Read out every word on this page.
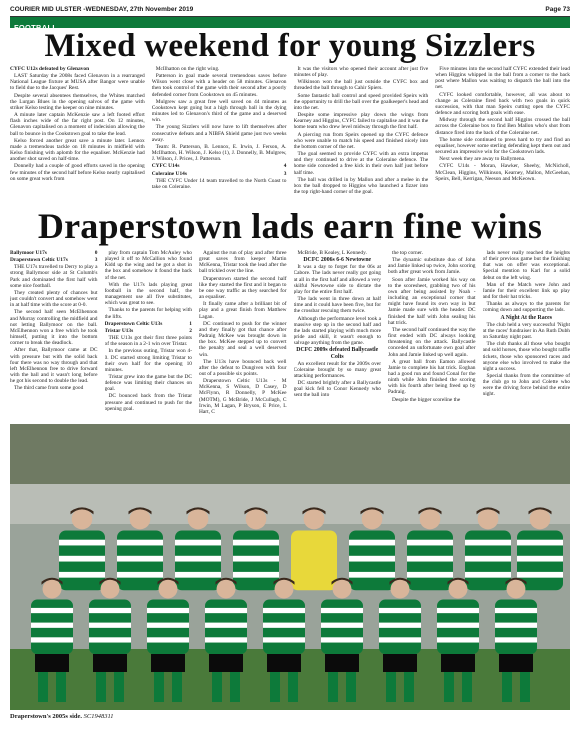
COURIER MID ULSTER -WEDNESDAY, 27th November 2019	Page 73
FOOTBALL
Mixed weekend for young Sizzlers

CYFC U12s defeated by Glenavon

LAST Saturday the 2008s faced Glenavon in a rearranged National League fixture at MUSA after Bangor were unable to field due to the Jacques' Rest.

Despite several absentees themselves, the Whites matched the Lurgan Blues in the opening salvos of the game with striker Kelso testing the keeper on nine minutes.

A minute later captain McKenzie saw a left footed effort flash inches wide of the far right post. On 12 minutes, Glenavon capitalised on a moment of indecision allowing the ball to bounce in the Cookstown goal to take the lead.

Kelso forced another great save a minute later. Lennox made a tremendous tackle on 18 minutes in midfield with Kelso finishing with aplomb for the equaliser. McKenzie had another shot saved on half-time.

Donnelly had a couple of good efforts saved in the opening few minutes of the second half before Kelso nearly capitalised on some great work from

McIlhatton on the right wing.

Patterson in goal made several tremendous saves before Wilson went close with a header on 58 minutes. Glenavon then took control of the game with their second after a poorly defended corner from Cookstown on 45 minutes.

Mulgrew saw a great free well saved on 44 minutes as Cookstown kept going but a high through ball in the dying minutes led to Glenavon's third of the game and a deserved win.

The young Sizzlers will now have to lift themselves after consecutive defeats and a NIBFA Shield game just two weeks away.

Team: R. Patterson, B. Lennox, E. Irwin, J. Ferson, A. McIlhatton, H. Wilson, J. Kelso (1), J. Donnelly, B. Mulgrew, J. Wilson, J. Prices, J. Patterson.

CYFC U14s	4

Coleraine U14s	3

THE CYFC Under 14 team travelled to the North Coast to take on Coleraine.

It was the visitors who opened their account after just five minutes of play.

Wilkinson won the ball just outside the CYFC box and threaded the ball through to Cahir Spiers.

Some fantastic ball control and speed provided Speirs with the opportunity to drill the ball over the goalkeeper's head and into the net.

Despite some impressive play down the wings from Kearney and Higgins, CYFC failed to capitalise and it was the home team who drew level midway through the first half.

A piercing run from Speirs opened up the CYFC defence who were unable to match his speed and finished nicely into the bottom corner of the net.

The goal seemed to provide CYFC with an extra impetus and they continued to drive at the Coleraine defence. The home side conceded a free kick in their own half just before half time.

The ball was drilled in by Mallon and after a melee in the box the ball dropped to Higgins who launched a fizzer into the top right-hand corner of the goal.

Five minutes into the second half CYFC extended their lead when Higgins whipped in the ball from a corner to the back post where Mallon was waiting to dispatch the ball into the net.

CYFC looked comfortable, however, all was about to change as Coleraine fired back with two goals in quick succession, with that man Speirs cutting open the CYFC defence and scoring both goals with ease.

Midway through the second half Higgins crossed the ball across the Coleraine box to find Ben Mallon who's shot from distance fired into the back of the Coleraine net.

The home side continued to press hard to try and find an equaliser, however some sterling defending kept them out and secured an impressive win for the Cookstown lads.

Next week they are away to Ballymena.

CYFC U14s - Moran, Hawker, Sheehy, McNicholl, McClean, Higgins, Wilkinson, Kearney, Mallon, McGeehan, Speirs, Bell, Kerrigan, Neeson and McKeown.

Draperstown lads earn fine wins

Ballymoor U17s	0

Draperstown Celtic U17s	3

THE U17s travelled to Derry to play a strong Ballymoor side at St Columb's Park and dominated the first half with some nice football.

They created plenty of chances but just couldn't convert and somehow went in at half time with the score at 0-0.

The second half seen McElhennon and Murray controlling the midfield and not letting Ballymoor on the ball. McElhennon won a free which he took himself, putting it into the bottom corner to break the deadlock.

After that, Ballymoor came at DC with pressure but with the solid back four there was no way through and that left McElhennon free to drive forward with the ball and it wasn't long before he got his second to double the lead.

The third came from some good

play from captain Tom McAuley who played it off to McCallion who found Kidd up the wing and he got a shot in the box and somehow it found the back of the net.

With the U17s lads playing great football in the second half, the management use all five substitutes, which was great to see.

Thanks to the parents for helping with the lifts.

Draperstown Celtic U13s	1

Tristar U13s	2

THE U13s got their first three points of the season in a 2-1 win over Tristar.

In the previous outing, Tristar won 4-0. DC started strong limiting Tristar to their own half for the opening 10 minutes.

Tristar grew into the game but the DC defence was limiting their chances on goal.

DC bounced back from the Tristar pressure and continued to push for the opening goal.

Against the run of play and after three great saves from keeper Martin McKenna, Tristar took the lead after the ball trickled over the line.

Draperstown started the second half like they started the first and it began to be one way traffic as they searched for an equaliser.

It finally came after a brilliant bit of play and a great finish from Matthew Lagan.

DC continued to push for the winner and they finally got that chance after Padraig McKee was brought down in the box. McKee stepped up to convert the penalty and seal a well deserved win.

The U13s have bounced back well after the defeat to Dungiven with four out of a possible six points.

Draperstown Celtic U13s - M McKenna, S Wilson, D Casey, D McFlynn, R Donnelly, P McKee (MOTM), G McBride, J McCullagh, C Irwin, M Lagan, P Bryson, E Price, L Hart, C

McBride, B Kealey, L Kennedy.

DCFC 2006s 6-6 Newtowne

It was a day to forget for the 06s at Cabore. The lads never really got going at all in the first half and allowed a very skilful Newtowne side to dictate the play for the entire first half.

The lads went in three down at half time and it could have been five, but for the crossbar rescuing them twice.

Although the performance level took a massive step up in the second half and the lads started playing with much more pride and skill, it wasn't enough to salvage anything from the game.

DCFC 2009s defeated Ballycastle Colts

An excellent result for the 2009s over Coleraine brought by so many great attacking performances.

DC started brightly after a Ballycastle goal kick fell to Conor Kennedy who sent the ball into

the top corner.

The dynamic substitute duo of John and Jamie linked up twice, John scoring both after great work from Jamie.

Soon after Jamie worked his way on to the scoresheet, grabbing two of his own after being assisted by Noah - including an exceptional corner that might have found its own way in but Jamie made sure with the header. DC finished the half with John sealing his hat trick.

The second half continued the way the first ended with DC always looking threatening on the attack. Ballycastle conceded an unfortunate own goal after John and Jamie linked up well again.

A great ball from Eamon allowed Jamie to complete his hat trick. Eoghan had a good run and found Conal for the ninth while John finished the scoring with his fourth after being freed up by Padraig.

Despite the bigger scoreline the

lads never really reached the heights of their previous game but the finishing that was on offer was exceptional. Special mention to Karl for a solid debut on the left wing.

Man of the Match were John and Jamie for their excellent link up play and for their hat tricks.

Thanks as always to the parents for coming down and supporting the lads.

A Night At the Races

The club held a very successful 'Night at the races' fundraiser in An Ruth Dubh on Saturday night past.

The club thanks all those who bought and sold horses, those who bought raffle tickets, those who sponsored races and anyone else who involved to make the night a success.

Special thanks from the committee of the club go to John and Colette who were the driving force behind the entire night.

Draperstown's 2005s side. SC1948311
